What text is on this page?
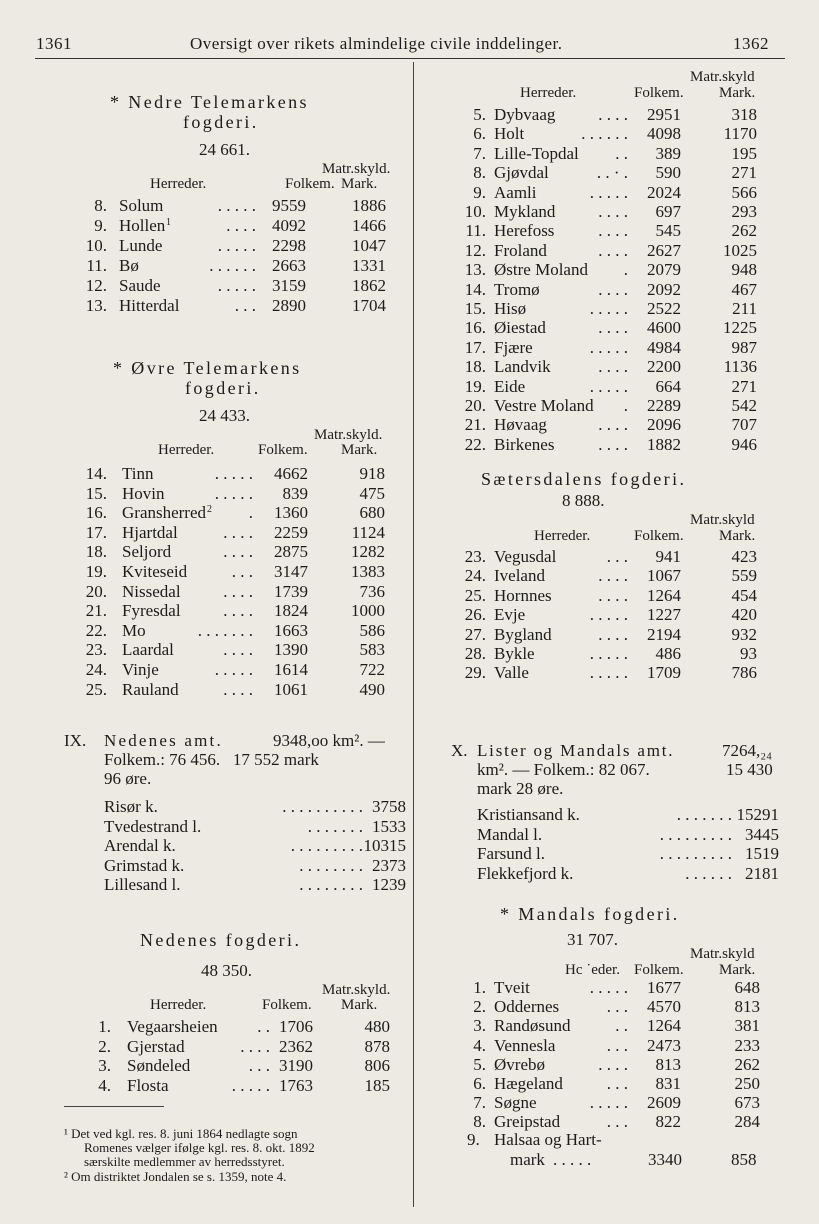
1361	Oversigt over rikets almindelige civile inddelinger.	1362
* Nedre Telemarkens
fogderi.
24 661.
Matr.skyld.
Herreder.	Folkem. Mark.
8. Solum	. . . . . 9559	1886
9. Hollen 1	. . . . 4092	1466
10. Lunde	. . . . . 2298	1047
11. Bø	. . . . . . 2663	1331
12. Saude	. . . . . 3159	1862
13. Hitterdal	. . . 2890	1704
* Øvre Telemarkens
fogderi.
24 433.
Matr.skyld.
Herreder.	Folkem. Mark.
14. Tinn	. . . . . 4662	918
15. Hovin	. . . . . 839	475
16. Gransherred 2 . 1360	680
17. Hjartdal	. . . . 2259	1124
18. Seljord	. . . . 2875	1282
19. Kviteseid	. . . 3147	1383
20. Nissedal	. . . . 1739	736
21. Fyresdal	. . . . 1824	1000
22. Mo	. . . . . . . 1663	586
23. Laardal	. . . . 1390	583
24. Vinje	. . . . . 1614	722
25. Rauland	. . . . 1061	490
IX. Nedenes amt.	9348,oo km². —
Folkem.: 76 456.   17 552 mark
96 øre.
Risør k.	. . . . . . . . . . 3758
Tvedestrand l.	. . . . . . . 1533
Arendal k.	. . . . . . . . . 10315
Grimstad k.	. . . . . . . . 2373
Lillesand l.	. . . . . . . . 1239
Nedenes fogderi.
48 350.
Matr.skyld.
Herreder.	Folkem. Mark.
1. Vegaarsheien . . 1706	480
2. Gjerstad	. . . . 2362	878
3. Søndeled	. . . 3190	806
4. Flosta	. . . . . 1763	185
¹ Det ved kgl. res. 8. juni 1864 nedlagte sogn
Romenes vælger ifølge kgl. res. 8. okt. 1892
særskilte medlemmer av herredsstyret.
² Om distriktet Jondalen se s. 1359, note 4.
Matr.skyld
Herreder.	Folkem. Mark.
5. Dybvaag	. . . . 2951	318
6. Holt	. . . . . . 4098	1170
7. Lille-Topdal . . 389	195
8. Gjøvdal	. . · . 590	271
9. Aamli	. . . . . 2024	566
10. Mykland	. . . . 697	293
11. Herefoss	. . . . 545	262
12. Froland	. . . . 2627 1025
13. Østre Moland . 2079	948
14. Tromø	. . . . 2092	467
15. Hisø	. . . . . 2522	211
16. Øiestad	. . . . 4600 1225
17. Fjære	. . . . . 4984	987
18. Landvik	. . . . 2200	1136
19. Eide	. . . . . 664	271
20. Vestre Moland . 2289	542
21. Høvaag	. . . . 2096	707
22. Birkenes	. . . . 1882	946
Sætersdalens fogderi.
8 888.
Matr.skyld
Herreder.	Folkem. Mark.
23. Vegusdal	. . . 941	423
24. Iveland	. . . . 1067	559
25. Hornnes	. . . . 1264	454
26. Evje	. . . . . 1227	420
27. Bygland	. . . . 2194	932
28. Bykle	. . . . . 486	93
29. Valle	. . . . . 1709	786
X. Lister og Mandals amt.	7264,₂₄
km². — Folkem.: 82 067.	15 430
mark 28 øre.
Kristiansand k.	. . . . . . . 15291
Mandal l.	. . . . . . . . . 3445
Farsund l.	. . . . . . . . . 1519
Flekkefjord k.	. . . . . . 2181
* Mandals fogderi.
31 707.
Matr.skyld
Hc ˙eder. Folkem. Mark.
1. Tveit	. . . . . 1677	648
2. Oddernes	. . . 4570	813
3. Randøsund	. . 1264	381
4. Vennesla	. . . 2473	233
5. Øvrebø	. . . . 813	262
6. Hægeland	. . . 831	250
7. Søgne	. . . . . 2609	673
8. Greipstad	. . . 822	284
9. Halsaa og Hart-
mark . . . . .	3340	858
